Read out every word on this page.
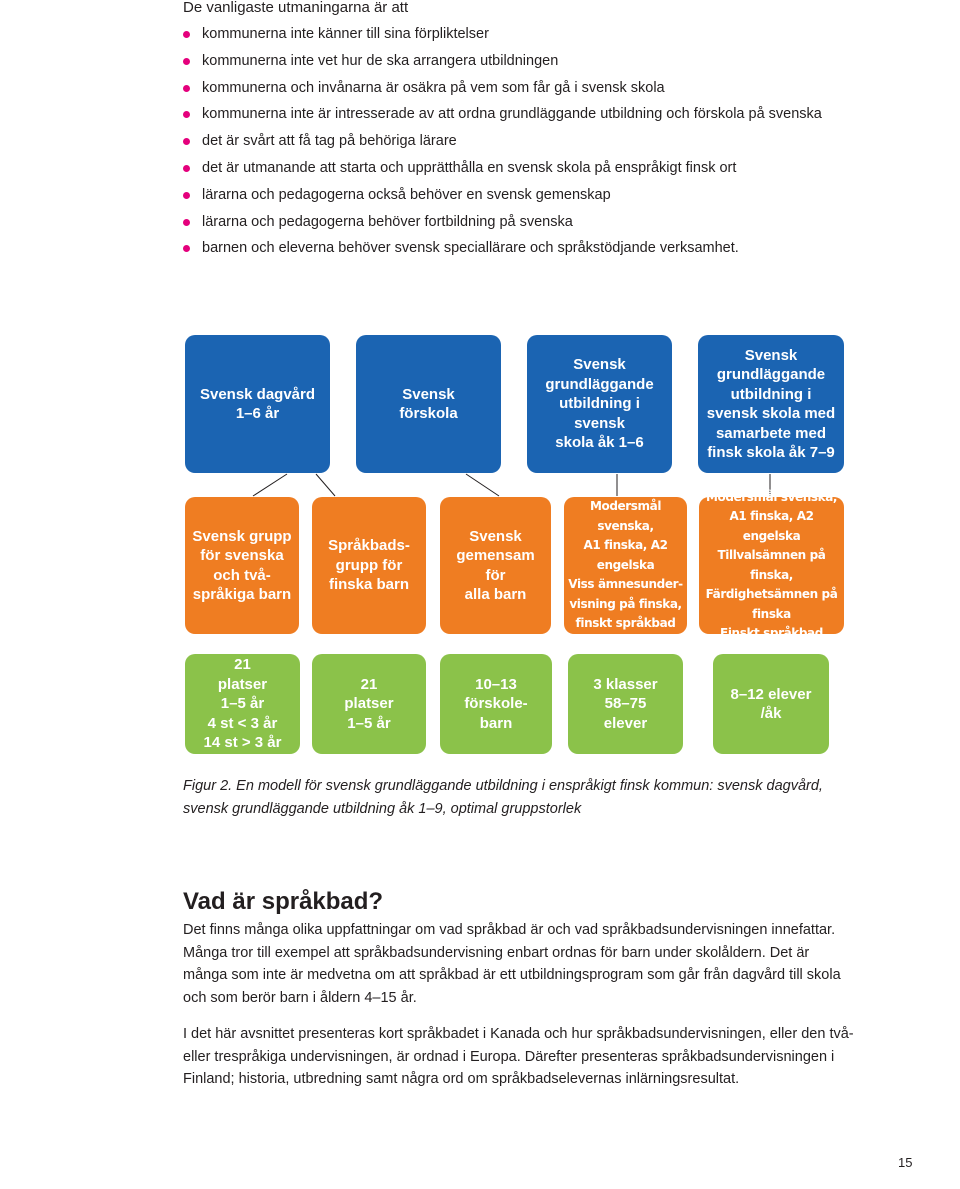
De vanligaste utmaningarna är att

kommunerna inte känner till sina förpliktelser
kommunerna inte vet hur de ska arrangera utbildningen
kommunerna och invånarna är osäkra på vem som får gå i svensk skola
kommunerna inte är intresserade av att ordna grundläggande utbildning och förskola på svenska
det är svårt att få tag på behöriga lärare
det är utmanande att starta och upprätthålla en svensk skola på enspråkigt finsk ort
lärarna och pedagogerna också behöver en svensk gemenskap
lärarna och pedagogerna behöver fortbildning på svenska
barnen och eleverna behöver svensk speciallärare och språkstödjande verksamhet.
Svensk dagvård
1–6 år
Svensk
förskola
Svensk
grundläggande
utbildning i svensk
skola åk 1–6
Svensk
grundläggande
utbildning i
svensk skola med
samarbete med
finsk skola åk 7–9
Svensk grupp
för svenska
och två-
språkiga barn
Språkbads-
grupp för
finska barn
Svensk
gemensam för
alla barn
Modersmål svenska,
A1 finska, A2
engelska
Viss ämnesunder-
visning på finska,
finskt språkbad
Modersmål svenska,
A1 finska, A2 engelska
Tillvalsämnen på finska,
Färdighetsämnen på
finska
Finskt språkbad
21
platser
1–5 år
4 st < 3 år
14 st > 3 år
21
platser
1–5 år
10–13
förskole-
barn
3 klasser
58–75
elever
8–12 elever
/åk

Figur 2. En modell för svensk grundläggande utbildning i enspråkigt finsk kommun: svensk dagvård, svensk grundläggande utbildning åk 1–9, optimal gruppstorlek

Vad är språkbad?

Det finns många olika uppfattningar om vad språkbad är och vad språkbadsundervisningen innefattar. Många tror till exempel att språkbadsundervisning enbart ordnas för barn under skolåldern. Det är många som inte är medvetna om att språkbad är ett utbildningsprogram som går från dagvård till skola och som berör barn i åldern 4–15 år.

I det här avsnittet presenteras kort språkbadet i Kanada och hur språkbadsundervisningen, eller den två- eller trespråkiga undervisningen, är ordnad i Europa. Därefter presenteras språkbadsundervisningen i Finland; historia, utbredning samt några ord om språkbadselevernas inlärningsresultat.

15
